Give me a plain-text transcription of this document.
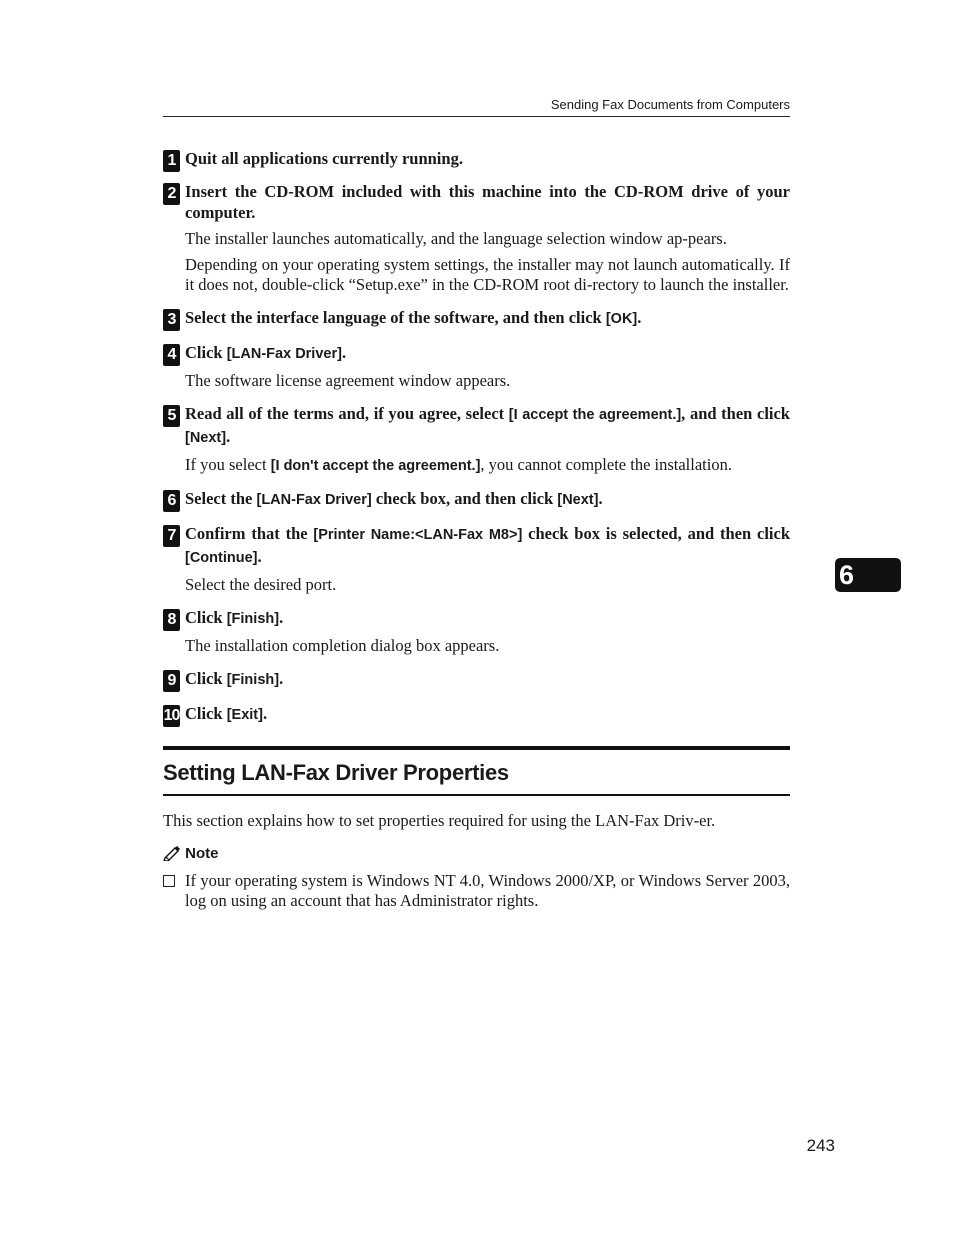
Sending Fax Documents from Computers
1 Quit all applications currently running.
2 Insert the CD-ROM included with this machine into the CD-ROM drive of your computer.
The installer launches automatically, and the language selection window ap-pears.
Depending on your operating system settings, the installer may not launch automatically. If it does not, double-click “Setup.exe” in the CD-ROM root di-rectory to launch the installer.
3 Select the interface language of the software, and then click [OK].
4 Click [LAN-Fax Driver].
The software license agreement window appears.
5 Read all of the terms and, if you agree, select [I accept the agreement.], and then click [Next].
If you select [I don't accept the agreement.], you cannot complete the installation.
6 Select the [LAN-Fax Driver] check box, and then click [Next].
7 Confirm that the [Printer Name:<LAN-Fax M8>] check box is selected, and then click [Continue].
Select the desired port.
8 Click [Finish].
The installation completion dialog box appears.
9 Click [Finish].
10 Click [Exit].
Setting LAN-Fax Driver Properties
This section explains how to set properties required for using the LAN-Fax Driv-er.
Note
If your operating system is Windows NT 4.0, Windows 2000/XP, or Windows Server 2003, log on using an account that has Administrator rights.
6
243
